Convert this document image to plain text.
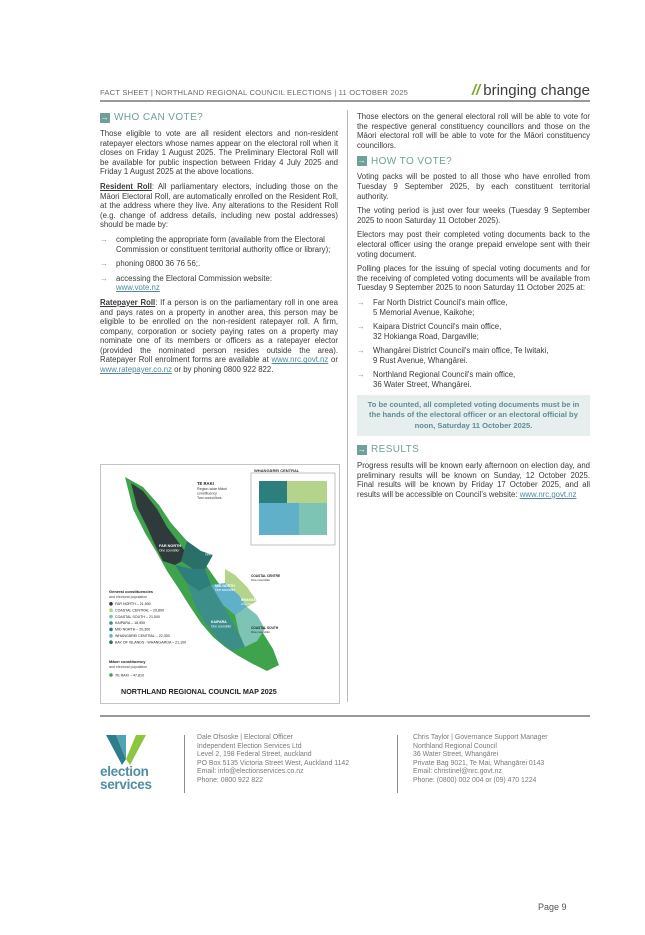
FACT SHEET | NORTHLAND REGIONAL COUNCIL ELECTIONS | 11 OCTOBER 2025	// bringing change
→ WHO CAN VOTE?

Those eligible to vote are all resident electors and non-resident ratepayer electors whose names appear on the electoral roll when it closes on Friday 1 August 2025. The Preliminary Electoral Roll will be available for public inspection between Friday 4 July 2025 and Friday 1 August 2025 at the above locations.

Resident Roll: All parliamentary electors, including those on the Māori Electoral Roll, are automatically enrolled on the Resident Roll, at the address where they live. Any alterations to the Resident Roll (e.g. change of address details, including new postal addresses) should be made by:

→ completing the appropriate form (available from the Electoral Commission or constituent territorial authority office or library);
→ phoning 0800 36 76 56;.
→ accessing the Electoral Commission website:
www.vote.nz

Ratepayer Roll: If a person is on the parliamentary roll in one area and pays rates on a property in another area, this person may be eligible to be enrolled on the non-resident ratepayer roll. A firm, company, corporation or society paying rates on a property may nominate one of its members or officers as a ratepayer elector (provided the nominated person resides outside the area). Ratepayer Roll enrolment forms are available at www.nrc.govt.nz or www.ratepayer.co.nz or by phoning 0800 922 822.

WHANGĀREI CENTRAL
TE RAKI
Region-wide Māori
constituency
Two councillors
FAR NORTH
One councillor	BAY OF ISLANDS - WHANGAROA
One councillor
MID NORTH
One councillor
KAIPARA
One councillor
WHANGĀREI CENTRAL
One councillor
COASTAL CENTRE
One councillor
COASTAL SOUTH
One councillor
General constituencies
and electoral population
FAR NORTH – 21,500
COASTAL CENTRAL – 20,800
COASTAL SOUTH – 21,000
KAIPARA – 18,900
MID NORTH – 20,300
WHANGĀREI CENTRAL – 22,300
BAY OF ISLANDS - WHANGAROA – 21,100
Māori constituency
and electoral population
TE RAKI – 47,810
NORTHLAND REGIONAL COUNCIL MAP 2025

Those electors on the general electoral roll will be able to vote for the respective general constituency councillors and those on the Māori electoral roll will be able to vote for the Māori constituency councillors.

→ HOW TO VOTE?

Voting packs will be posted to all those who have enrolled from Tuesday 9 September 2025, by each constituent territorial authority.

The voting period is just over four weeks (Tuesday 9 September 2025 to noon Saturday 11 October 2025).

Electors may post their completed voting documents back to the electoral officer using the orange prepaid envelope sent with their voting document.

Polling places for the issuing of special voting documents and for the receiving of completed voting documents will be available from Tuesday 9 September 2025 to noon Saturday 11 October 2025 at:

→ Far North District Council's main office,
5 Memorial Avenue, Kaikohe;
→ Kaipara District Council's main office,
32 Hokianga Road, Dargaville;
→ Whangārei District Council's main office, Te Iwitaki,
9 Rust Avenue, Whangārei.
→ Northland Regional Council's main office,
36 Water Street, Whangārei.
To be counted, all completed voting documents must be in the hands of the electoral officer or an electoral official by noon, Saturday 11 October 2025.
→ RESULTS

Progress results will be known early afternoon on election day, and preliminary results will be known on Sunday, 12 October 2025. Final results will be known by Friday 17 October 2025, and all results will be accessible on Council's website: www.nrc.govt.nz

election
services
Dale Ofsoske | Electoral Officer
Independent Election Services Ltd
Level 2, 198 Federal Street, auckland
PO Box 5135 Victoria Street West, Auckland 1142
Email: info@electionservices.co.nz
Phone: 0800 922 822
Chris Taylor | Governance Support Manager
Northland Regional Council
36 Water Street, Whangārei
Private Bag 9021, Te Mai, Whangārei 0143
Email: christinel@nrc.govt.nz
Phone: (0800) 002 004 or (09) 470 1224
Page 9
